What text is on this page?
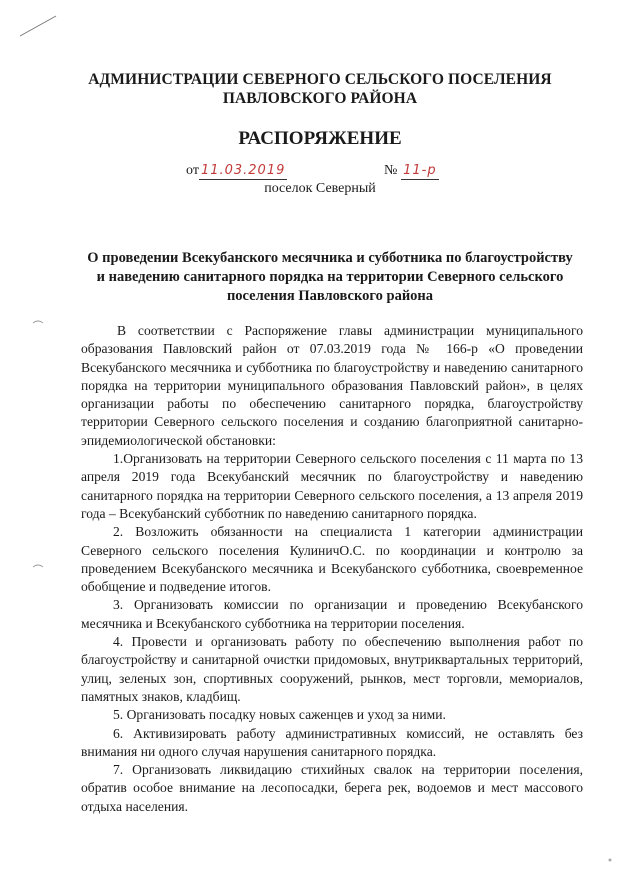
АДМИНИСТРАЦИИ СЕВЕРНОГО СЕЛЬСКОГО ПОСЕЛЕНИЯ
ПАВЛОВСКОГО РАЙОНА
РАСПОРЯЖЕНИЕ
от 11.03.2019	№ 11-р
поселок Северный
О проведении Всекубанского месячника и субботника по благоустройству
и наведению санитарного порядка на территории Северного сельского
поселения Павловского района

В соответствии с Распоряжение главы администрации муниципального образования Павловский район от 07.03.2019 года № 166-р «О проведении Всекубанского месячника и субботника по благоустройству и наведению санитарного порядка на территории муниципального образования Павловский район», в целях организации работы по обеспечению санитарного порядка, благоустройству территории Северного сельского поселения и созданию благоприятной санитарно- эпидемиологической обстановки:

1.Организовать на территории Северного сельского поселения с 11 марта по 13 апреля 2019 года Всекубанский месячник по благоустройству и наведению санитарного порядка на территории Северного сельского поселения, а 13 апреля 2019 года – Всекубанский субботник по наведению санитарного порядка.

2. Возложить обязанности на специалиста 1 категории администрации Северного сельского поселения КулиничО.С. по координации и контролю за проведением Всекубанского месячника и Всекубанского субботника, своевременное обобщение и подведение итогов.

3. Организовать комиссии по организации и проведению Всекубанского месячника и Всекубанского субботника на территории поселения.

4. Провести и организовать работу по обеспечению выполнения работ по благоустройству и санитарной очистки придомовых, внутриквартальных территорий, улиц, зеленых зон, спортивных сооружений, рынков, мест торговли, мемориалов, памятных знаков, кладбищ.

5. Организовать посадку новых саженцев и уход за ними.

6. Активизировать работу административных комиссий, не оставлять без внимания ни одного случая нарушения санитарного порядка.

7. Организовать ликвидацию стихийных свалок на территории поселения, обратив особое внимание на лесопосадки, берега рек, водоемов и мест массового отдыха населения.
